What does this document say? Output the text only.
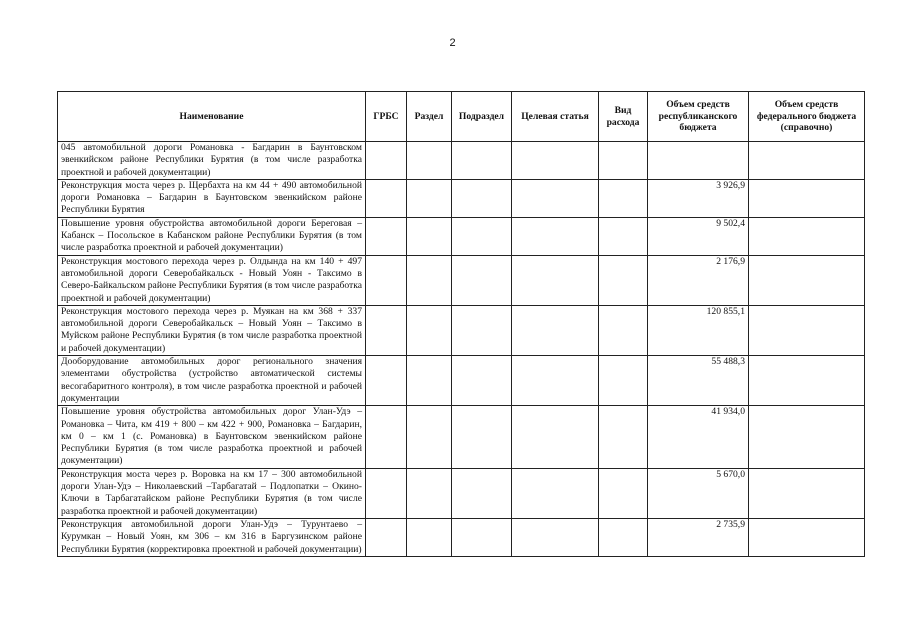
2
Наименование	ГРБС	Раздел	Подраздел	Целевая статья	Вид расхода	Объем средств республиканского бюджета	Объем средств федерального бюджета (справочно)
045 автомобильной дороги Романовка - Багдарин в Баунтовском эвенкийском районе Республики Бурятия (в том числе разработка проектной и рабочей документации)							
Реконструкция моста через р. Щербахта на км 44 + 490 автомобильной дороги Романовка – Багдарин в Баунтовском эвенкийском районе Республики Бурятия						3 926,9	
Повышение уровня обустройства автомобильной дороги Береговая – Кабанск – Посольское в Кабанском районе Республики Бурятия (в том числе разработка проектной и рабочей документации)						9 502,4	
Реконструкция мостового перехода через р. Олдында на км 140 + 497 автомобильной дороги Северобайкальск - Новый Уоян - Таксимо в Северо-Байкальском районе Республики Бурятия (в том числе разработка проектной и рабочей документации)						2 176,9	
Реконструкция мостового перехода через р. Муякан на км 368 + 337 автомобильной дороги Северобайкальск – Новый Уоян – Таксимо в Муйском районе Республики Бурятия (в том числе разработка проектной и рабочей документации)						120 855,1	
Дооборудование автомобильных дорог регионального значения элементами обустройства (устройство автоматической системы весогабаритного контроля), в том числе разработка проектной и рабочей документации						55 488,3	
Повышение уровня обустройства автомобильных дорог Улан-Удэ – Романовка – Чита, км 419 + 800 – км 422 + 900, Романовка – Багдарин, км 0 – км 1 (с. Романовка) в Баунтовском эвенкийском районе Республики Бурятия (в том числе разработка проектной и рабочей документации)						41 934,0	
Реконструкция моста через р. Воровка на км 17 – 300 автомобильной дороги Улан-Удэ – Николаевский –Тарбагатай – Подлопатки – Окино-Ключи в Тарбагатайском районе Республики Бурятия (в том числе разработка проектной и рабочей документации)						5 670,0	
Реконструкция автомобильной дороги Улан-Удэ – Турунтаево – Курумкан – Новый Уоян, км 306 – км 316 в Баргузинском районе Республики Бурятия (корректировка проектной и рабочей документации)						2 735,9	
